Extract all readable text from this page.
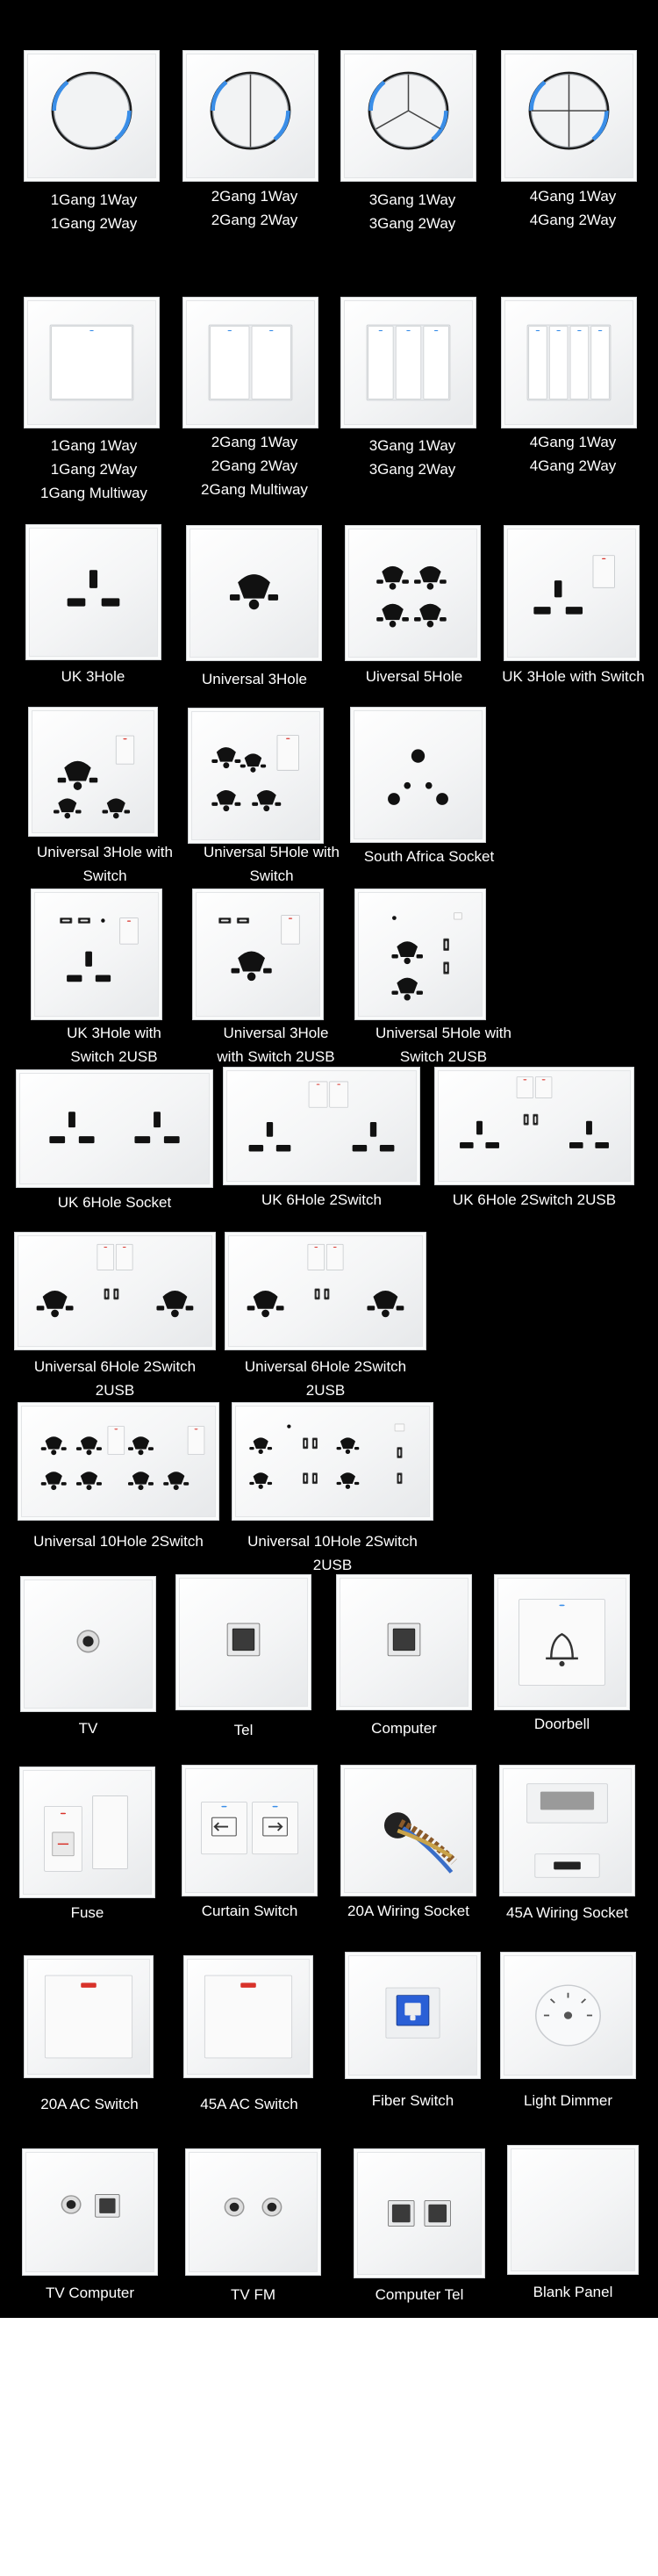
1Gang 1Way
1Gang 2Way
2Gang 1Way
2Gang 2Way
3Gang 1Way
3Gang 2Way
4Gang 1Way
4Gang 2Way
1Gang 1Way
1Gang 2Way
1Gang Multiway
2Gang 1Way
2Gang 2Way
2Gang Multiway
3Gang 1Way
3Gang 2Way
4Gang 1Way
4Gang 2Way
UK 3Hole	Universal 3Hole	Uiversal 5Hole	UK 3Hole with Switch
Universal 3Hole with
Switch
Universal 5Hole with
Switch
South Africa Socket
UK 3Hole with
Switch 2USB
Universal 3Hole
with Switch 2USB
Universal 5Hole with
Switch 2USB
UK 6Hole Socket	UK 6Hole 2Switch	UK 6Hole 2Switch 2USB
Universal 6Hole 2Switch 2USB
Universal 6Hole 2Switch 2USB
Universal 10Hole 2Switch	Universal 10Hole 2Switch 2USB
TV	Tel	Computer	Doorbell
Fuse	Curtain Switch	20A Wiring Socket	45A Wiring Socket
20A AC Switch	45A AC Switch	Fiber Switch	Light Dimmer
TV Computer	TV FM	Computer Tel	Blank Panel
